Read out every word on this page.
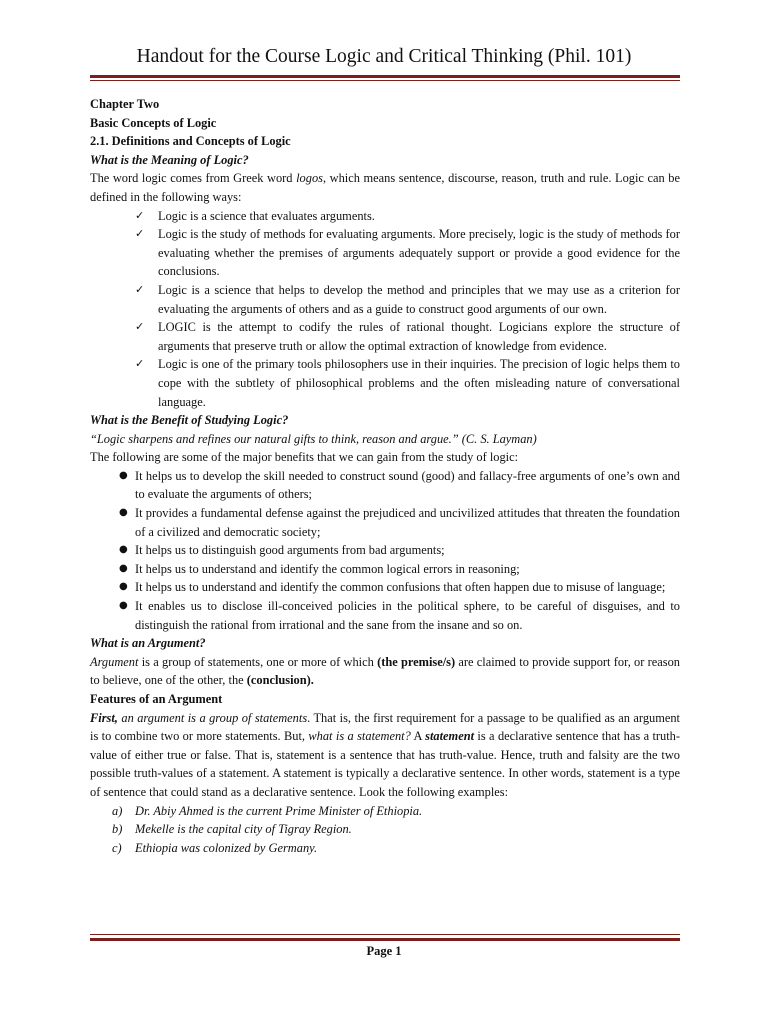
Handout for the Course Logic and Critical Thinking (Phil. 101)

Chapter Two

Basic Concepts of Logic

2.1. Definitions and Concepts of Logic

What is the Meaning of Logic?

The word logic comes from Greek word logos, which means sentence, discourse, reason, truth and rule. Logic can be defined in the following ways:

✓ Logic is a science that evaluates arguments.
✓ Logic is the study of methods for evaluating arguments. More precisely, logic is the study of methods for evaluating whether the premises of arguments adequately support or provide a good evidence for the conclusions.
✓ Logic is a science that helps to develop the method and principles that we may use as a criterion for evaluating the arguments of others and as a guide to construct good arguments of our own.
✓ LOGIC is the attempt to codify the rules of rational thought. Logicians explore the structure of arguments that preserve truth or allow the optimal extraction of knowledge from evidence.
✓ Logic is one of the primary tools philosophers use in their inquiries. The precision of logic helps them to cope with the subtlety of philosophical problems and the often misleading nature of conversational language.

What is the Benefit of Studying Logic?

“Logic sharpens and refines our natural gifts to think, reason and argue.” (C. S. Layman)

The following are some of the major benefits that we can gain from the study of logic:

● It helps us to develop the skill needed to construct sound (good) and fallacy-free arguments of one’s own and to evaluate the arguments of others;
● It provides a fundamental defense against the prejudiced and uncivilized attitudes that threaten the foundation of a civilized and democratic society;
● It helps us to distinguish good arguments from bad arguments;
● It helps us to understand and identify the common logical errors in reasoning;
● It helps us to understand and identify the common confusions that often happen due to misuse of language;
● It enables us to disclose ill-conceived policies in the political sphere, to be careful of disguises, and to distinguish the rational from irrational and the sane from the insane and so on.

What is an Argument?

Argument is a group of statements, one or more of which (the premise/s) are claimed to provide support for, or reason to believe, one of the other, the (conclusion).

Features of an Argument

First, an argument is a group of statements. That is, the first requirement for a passage to be qualified as an argument is to combine two or more statements. But, what is a statement? A statement is a declarative sentence that has a truth-value of either true or false. That is, statement is a sentence that has truth-value. Hence, truth and falsity are the two possible truth-values of a statement. A statement is typically a declarative sentence. In other words, statement is a type of sentence that could stand as a declarative sentence. Look the following examples:

a) Dr. Abiy Ahmed is the current Prime Minister of Ethiopia.
b) Mekelle is the capital city of Tigray Region.
c) Ethiopia was colonized by Germany.
Page 1
